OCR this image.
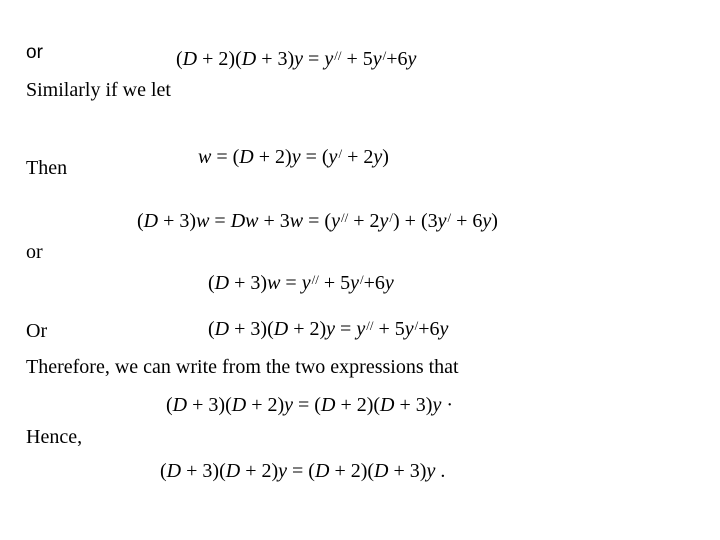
or
Similarly if we let
Then
or
Or
Therefore, we can write from the two expressions that
Hence,
(D + 2)(D + 3)y = y// + 5y/+6y
w = (D + 2)y = (y/ + 2y)
(D + 3)w = Dw + 3w = (y// + 2y/) + (3y/ + 6y)
(D + 3)w = y// + 5y/+6y
(D + 3)(D + 2)y = y// + 5y/+6y
(D + 3)(D + 2)y = (D + 2)(D + 3)y ·
(D + 3)(D + 2)y = (D + 2)(D + 3)y .
